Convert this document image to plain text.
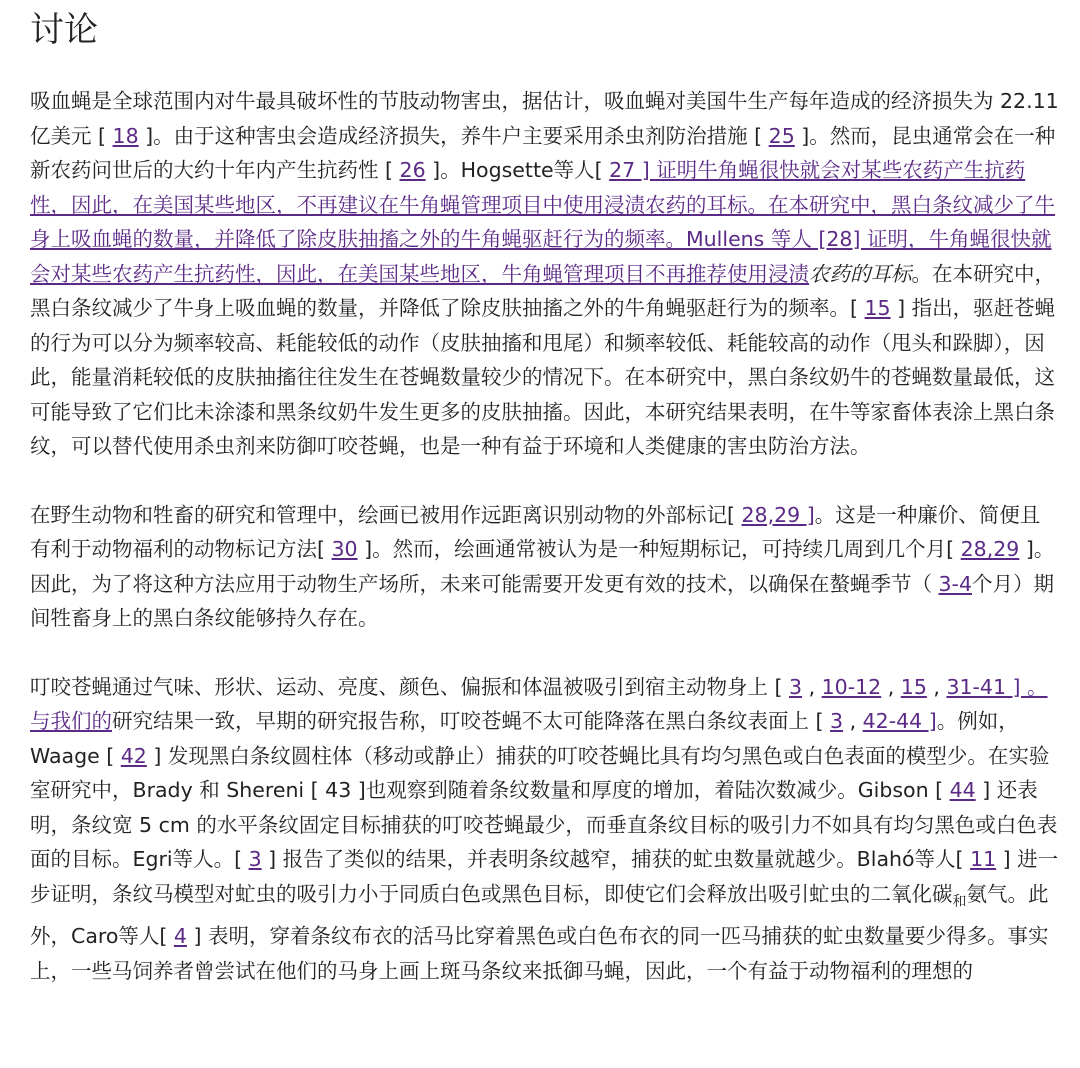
讨论

吸血蝇是全球范围内对牛最具破坏性的节肢动物害虫，据估计，吸血蝇对美国牛生产每年造成的经济损失为 22.11 亿美元 [ 18 ]。由于这种害虫会造成经济损失，养牛户主要采用杀虫剂防治措施 [ 25 ]。然而，昆虫通常会在一种新农药问世后的大约十年内产生抗药性 [ 26 ]。Hogsette等人[ 27 ] 证明牛角蝇很快就会对某些农药产生抗药性，因此，在美国某些地区，不再建议在牛角蝇管理项目中使用浸渍农药的耳标。在本研究中，黑白条纹减少了牛身上吸血蝇的数量，并降低了除皮肤抽搐之外的牛角蝇驱赶行为的频率。Mullens 等人 [28] 证明，牛角蝇很快就会对某些农药产生抗药性，因此，在美国某些地区，牛角蝇管理项目不再推荐使用浸渍农药的耳标。在本研究中，黑白条纹减少了牛身上吸血蝇的数量，并降低了除皮肤抽搐之外的牛角蝇驱赶行为的频率。[ 15 ] 指出，驱赶苍蝇的行为可以分为频率较高、耗能较低的动作（皮肤抽搐和甩尾）和频率较低、耗能较高的动作（甩头和跺脚），因此，能量消耗较低的皮肤抽搐往往发生在苍蝇数量较少的情况下。在本研究中，黑白条纹奶牛的苍蝇数量最低，这可能导致了它们比未涂漆和黑条纹奶牛发生更多的皮肤抽搐。因此，本研究结果表明，在牛等家畜体表涂上黑白条纹，可以替代使用杀虫剂来防御叮咬苍蝇，也是一种有益于环境和人类健康的害虫防治方法。

在野生动物和牲畜的研究和管理中，绘画已被用作远距离识别动物的外部标记[ 28,29 ]。这是一种廉价、简便且有利于动物福利的动物标记方法[ 30 ]。然而，绘画通常被认为是一种短期标记，可持续几周到几个月[ 28,29 ]。因此，为了将这种方法应用于动物生产场所，未来可能需要开发更有效的技术，以确保在螯蝇季节（ 3-4个月）期间牲畜身上的黑白条纹能够持久存在。

叮咬苍蝇通过气味、形状、运动、亮度、颜色、偏振和体温被吸引到宿主动物身上 [ 3 , 10-12 , 15 , 31-41 ] 。与我们的研究结果一致，早期的研究报告称，叮咬苍蝇不太可能降落在黑白条纹表面上 [ 3 , 42-44 ]。例如，Waage [ 42 ] 发现黑白条纹圆柱体（移动或静止）捕获的叮咬苍蝇比具有均匀黑色或白色表面的模型少。在实验室研究中，Brady 和 Shereni [ 43 ]也观察到随着条纹数量和厚度的增加，着陆次数减少。Gibson [ 44 ] 还表明，条纹宽 5 cm 的水平条纹固定目标捕获的叮咬苍蝇最少，而垂直条纹目标的吸引力不如具有均匀黑色或白色表面的目标。Egri等人。[ 3 ] 报告了类似的结果，并表明条纹越窄，捕获的虻虫数量就越少。Blahó等人[ 11 ] 进一步证明，条纹马模型对虻虫的吸引力小于同质白色或黑色目标，即使它们会释放出吸引虻虫的二氧化碳$_和$氨气。此外，Caro等人[ 4 ] 表明，穿着条纹布衣的活马比穿着黑色或白色布衣的同一匹马捕获的虻虫数量要少得多。事实上，一些马饲养者曾尝试在他们的马身上画上斑马条纹来抵御马蝇，因此，一个有益于动物福利的理想的
